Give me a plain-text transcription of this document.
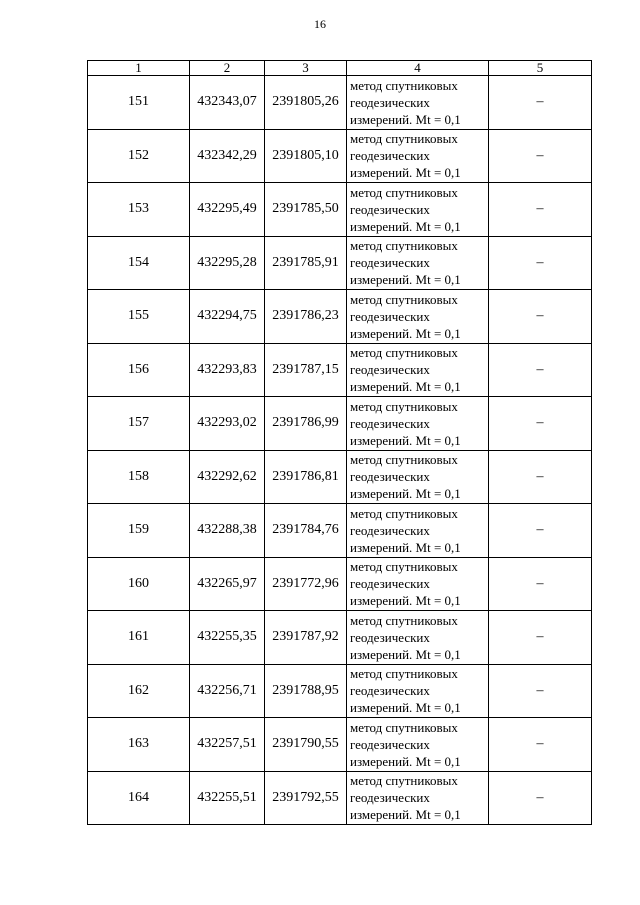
16
1	2	3	4	5
151	432343,07	2391805,26	метод спутниковых
геодезических
измерений. Mt = 0,1	–
152	432342,29	2391805,10	метод спутниковых
геодезических
измерений. Mt = 0,1	–
153	432295,49	2391785,50	метод спутниковых
геодезических
измерений. Mt = 0,1	–
154	432295,28	2391785,91	метод спутниковых
геодезических
измерений. Mt = 0,1	–
155	432294,75	2391786,23	метод спутниковых
геодезических
измерений. Mt = 0,1	–
156	432293,83	2391787,15	метод спутниковых
геодезических
измерений. Mt = 0,1	–
157	432293,02	2391786,99	метод спутниковых
геодезических
измерений. Mt = 0,1	–
158	432292,62	2391786,81	метод спутниковых
геодезических
измерений. Mt = 0,1	–
159	432288,38	2391784,76	метод спутниковых
геодезических
измерений. Mt = 0,1	–
160	432265,97	2391772,96	метод спутниковых
геодезических
измерений. Mt = 0,1	–
161	432255,35	2391787,92	метод спутниковых
геодезических
измерений. Mt = 0,1	–
162	432256,71	2391788,95	метод спутниковых
геодезических
измерений. Mt = 0,1	–
163	432257,51	2391790,55	метод спутниковых
геодезических
измерений. Mt = 0,1	–
164	432255,51	2391792,55	метод спутниковых
геодезических
измерений. Mt = 0,1	–
